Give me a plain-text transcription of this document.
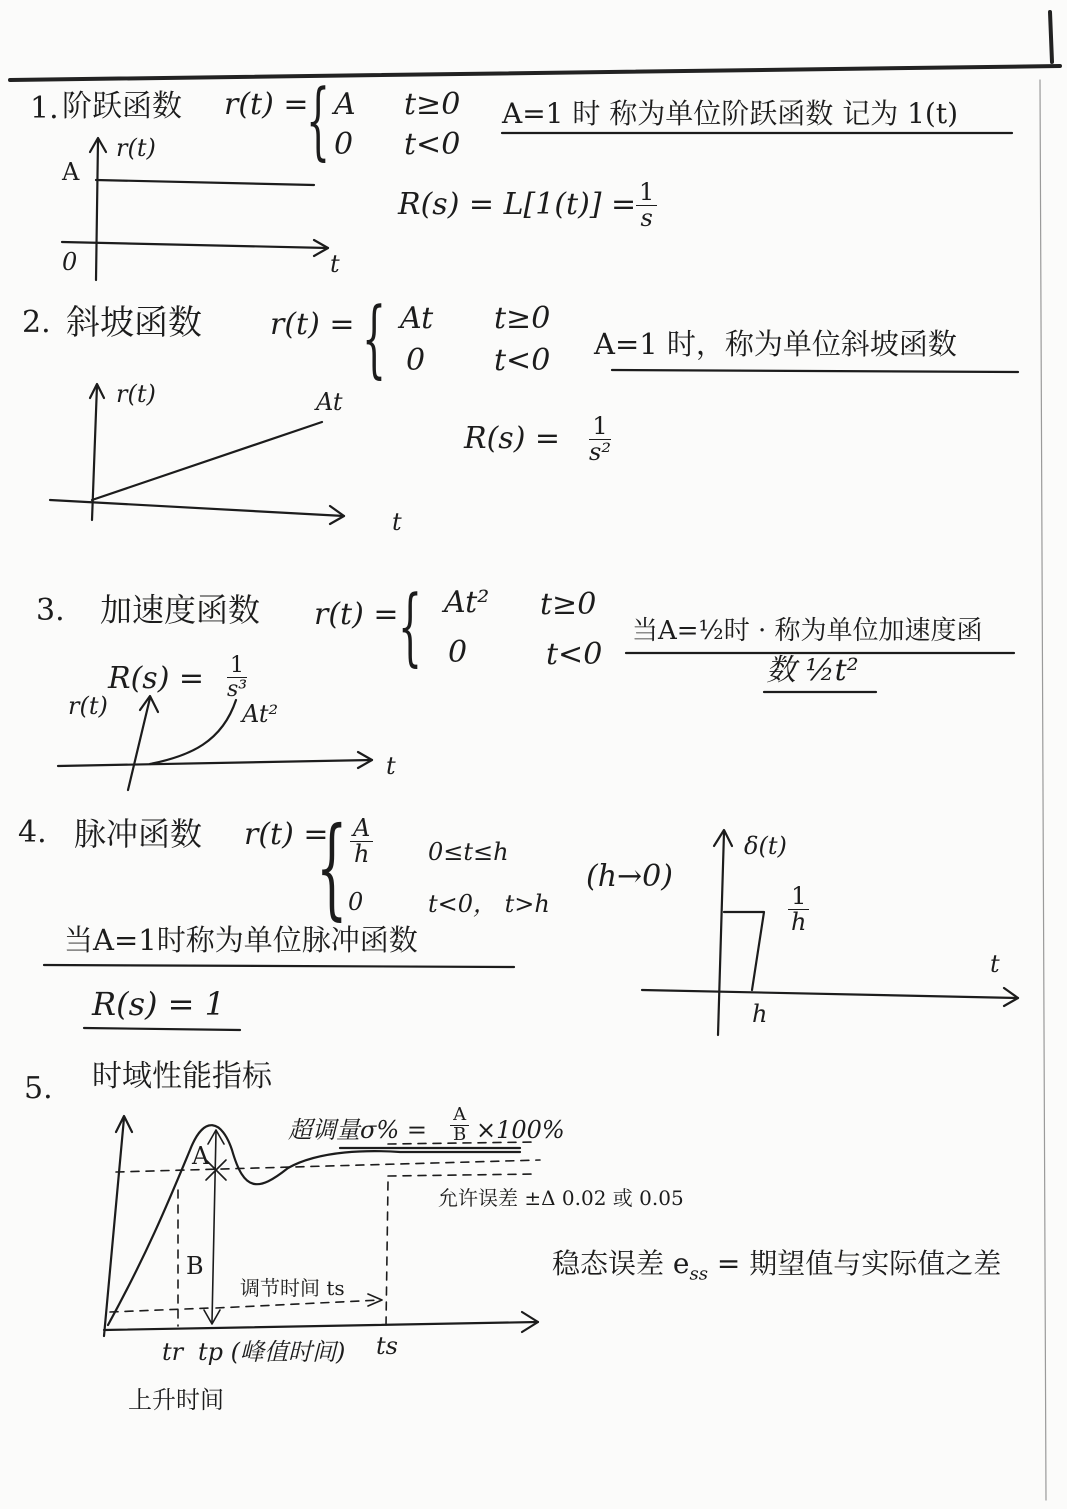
1. 阶跃函数 r(t) =
{ A t≥0
0 t<0
A=1 时 称为单位阶跃函数 记为 1(t)
$R(s) = L[1(t)] = \frac{1}{s}$
r(t)
A
0	t
2. 斜坡函数 r(t) = { At t≥0
0 t<0 A=1 时，称为单位斜坡函数
$R(s) = \frac{1}{\text{s²}}$
r(t)	At
t
3. 加速度函数 r(t) = { At² t≥0
0	t<0
当A=½时 · 称为单位加速度函
数 ½t²
$R(s) = \frac{1}{\text{s³}}$
r(t)	At²
t
4. 脉冲函数 r(t) =
{ $\frac{A}{h} 0\le t\le h$
0	t<0， t>h
(h→0)
当A=1时称为单位脉冲函数
R(s) = 1
δ(t)
$\frac{1}{h}$
t
h
5. 时域性能指标
超调量$\sigma\% = \frac{A}{B} \times 100\%$
允许误差 ±Δ 0.02 或 0.05
稳态误差 $e_{ss}$ = 期望值与实际值之差
A
B
调节时间 ts
tr tp (峰值时间) ts
上升时间
